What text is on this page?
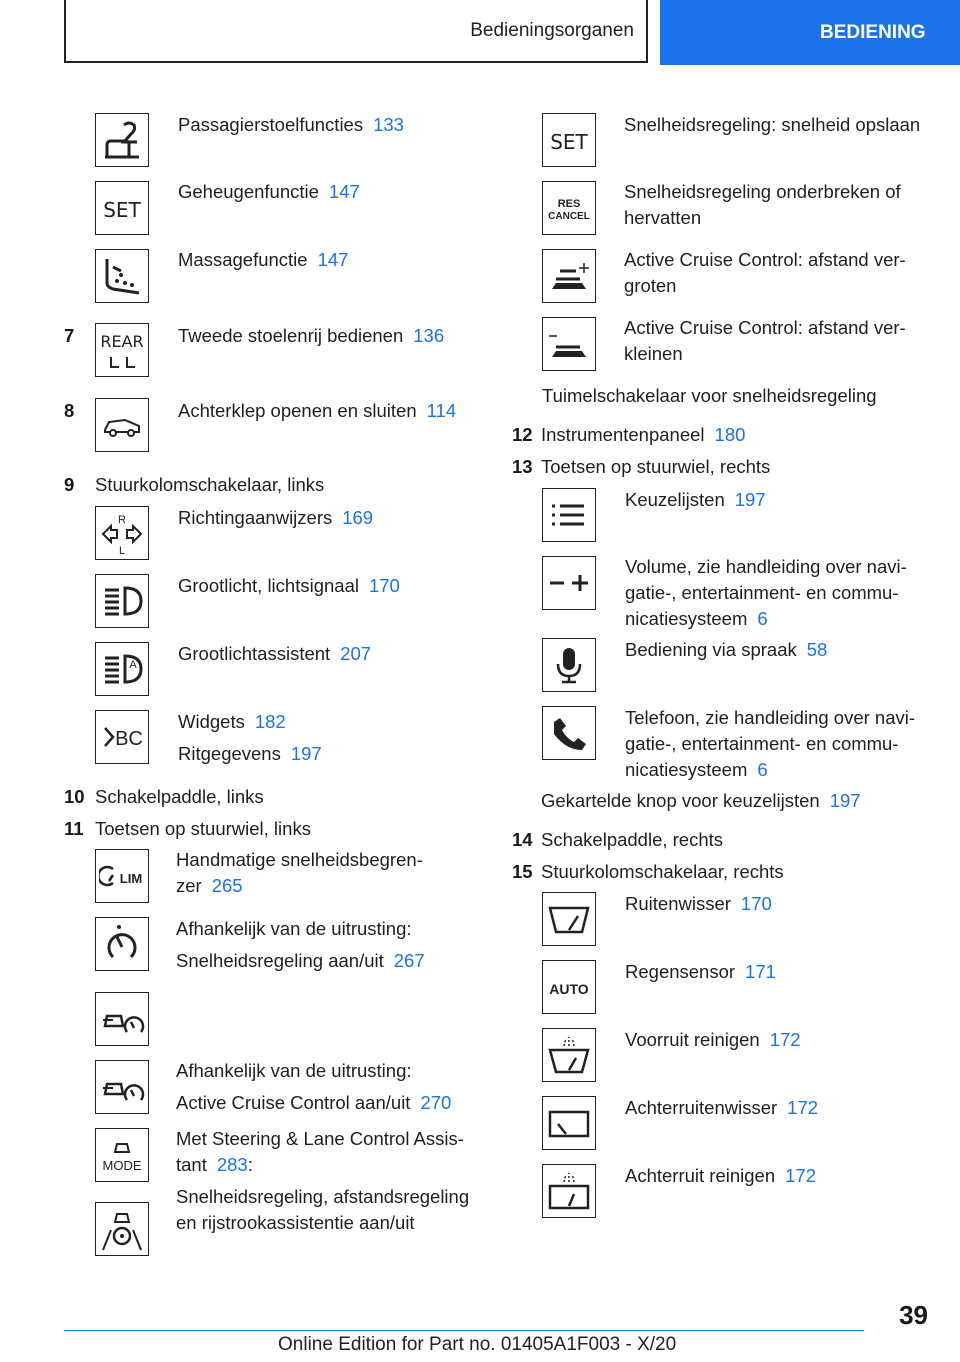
Bedieningsorganen	BEDIENING
Passagierstoelfuncties 133
SET
Geheugenfunctie 147
Massagefunctie 147
7 REAR Tweede stoelenrij bedienen 136
8	Achterklep openen en sluiten 114
9 Stuurkolomschakelaar, links
R
L
Richtingaanwijzers 169
Grootlicht, lichtsignaal 170
A
Grootlichtassistent 207
BC
Widgets 182
Ritgegevens 197
10 Schakelpaddle, links
11 Toetsen op stuurwiel, links
LIM
Handmatige snelheidsbegren-
zer 265
Afhankelijk van de uitrusting:
Snelheidsregeling aan/uit 267
Afhankelijk van de uitrusting:
Active Cruise Control aan/uit 270
MODE
Met Steering & Lane Control Assis-
tant 283:
Snelheidsregeling, afstandsregeling
en rijstrookassistentie aan/uit
SET
Snelheidsregeling: snelheid opslaan
RES
CANCEL
Snelheidsregeling onderbreken of
hervatten
Active Cruise Control: afstand ver-
groten
Active Cruise Control: afstand ver-
kleinen
Tuimelschakelaar voor snelheidsregeling
12 Instrumentenpaneel 180
13 Toetsen op stuurwiel, rechts
Keuzelijsten 197
Volume, zie handleiding over navi-
gatie-, entertainment- en commu-
nicatiesysteem 6
Bediening via spraak 58
Telefoon, zie handleiding over navi-
gatie-, entertainment- en commu-
nicatiesysteem 6
Gekartelde knop voor keuzelijsten 197
14 Schakelpaddle, rechts
15 Stuurkolomschakelaar, rechts
Ruitenwisser 170
AUTO
Regensensor 171
Voorruit reinigen 172
Achterruitenwisser 172
Achterruit reinigen 172
39
Online Edition for Part no. 01405A1F003 - X/20
